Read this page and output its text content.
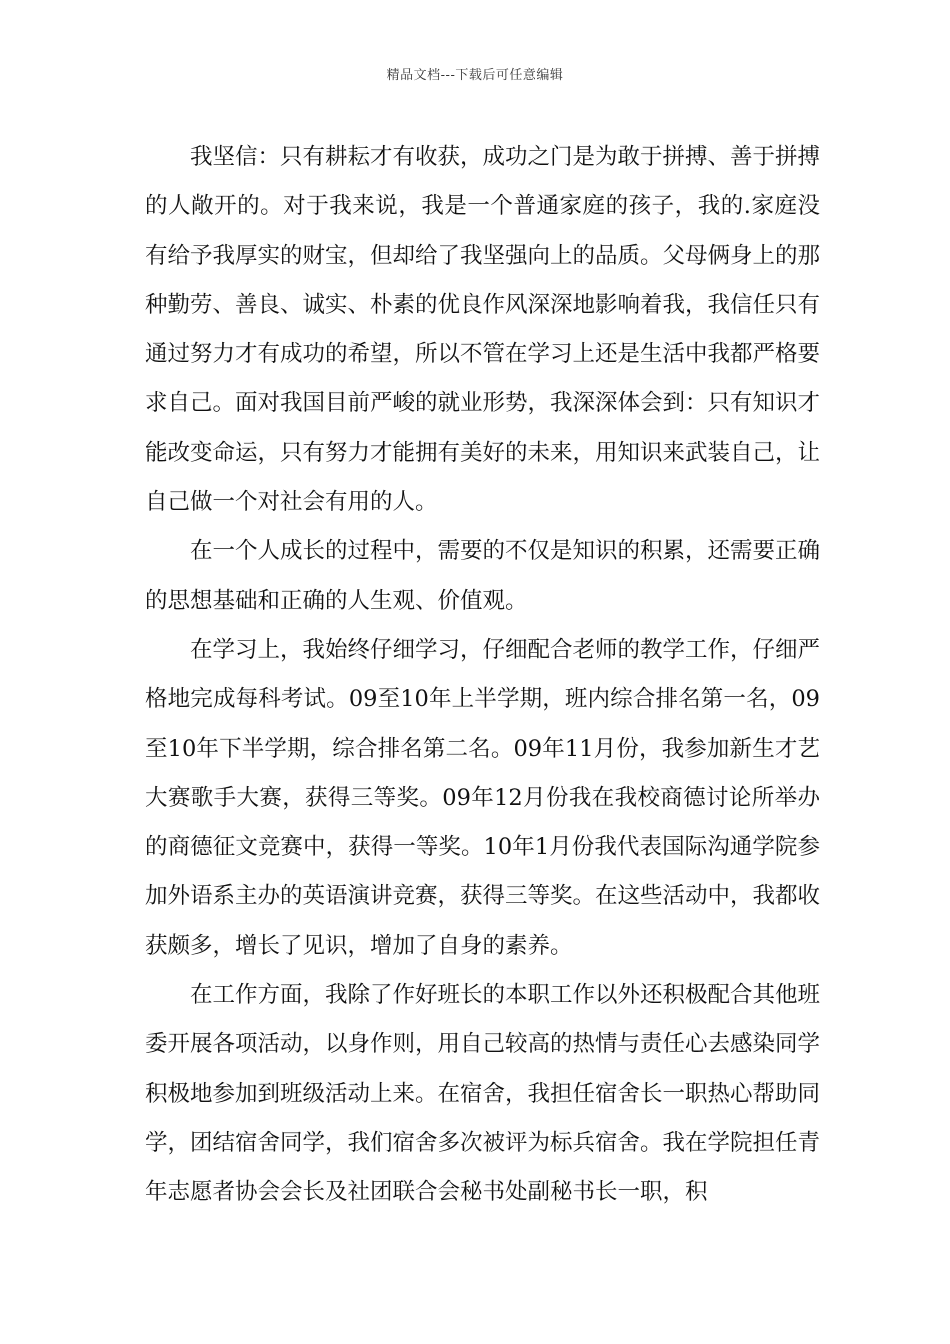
精品文档---下载后可任意编辑

我坚信：只有耕耘才有收获，成功之门是为敢于拼搏、善于拼搏的人敞开的。对于我来说，我是一个普通家庭的孩子，我的.家庭没有给予我厚实的财宝，但却给了我坚强向上的品质。父母俩身上的那种勤劳、善良、诚实、朴素的优良作风深深地影响着我，我信任只有通过努力才有成功的希望，所以不管在学习上还是生活中我都严格要求自己。面对我国目前严峻的就业形势，我深深体会到：只有知识才能改变命运，只有努力才能拥有美好的未来，用知识来武装自己，让自己做一个对社会有用的人。

在一个人成长的过程中，需要的不仅是知识的积累，还需要正确的思想基础和正确的人生观、价值观。

在学习上，我始终仔细学习，仔细配合老师的教学工作，仔细严格地完成每科考试。09至10年上半学期，班内综合排名第一名，09至10年下半学期，综合排名第二名。09年11月份，我参加新生才艺大赛歌手大赛，获得三等奖。09年12月份我在我校商德讨论所举办的商德征文竞赛中，获得一等奖。10年1月份我代表国际沟通学院参加外语系主办的英语演讲竞赛，获得三等奖。在这些活动中，我都收获颇多，增长了见识，增加了自身的素养。

在工作方面，我除了作好班长的本职工作以外还积极配合其他班委开展各项活动，以身作则，用自己较高的热情与责任心去感染同学积极地参加到班级活动上来。在宿舍，我担任宿舍长一职热心帮助同学，团结宿舍同学，我们宿舍多次被评为标兵宿舍。我在学院担任青年志愿者协会会长及社团联合会秘书处副秘书长一职，积
